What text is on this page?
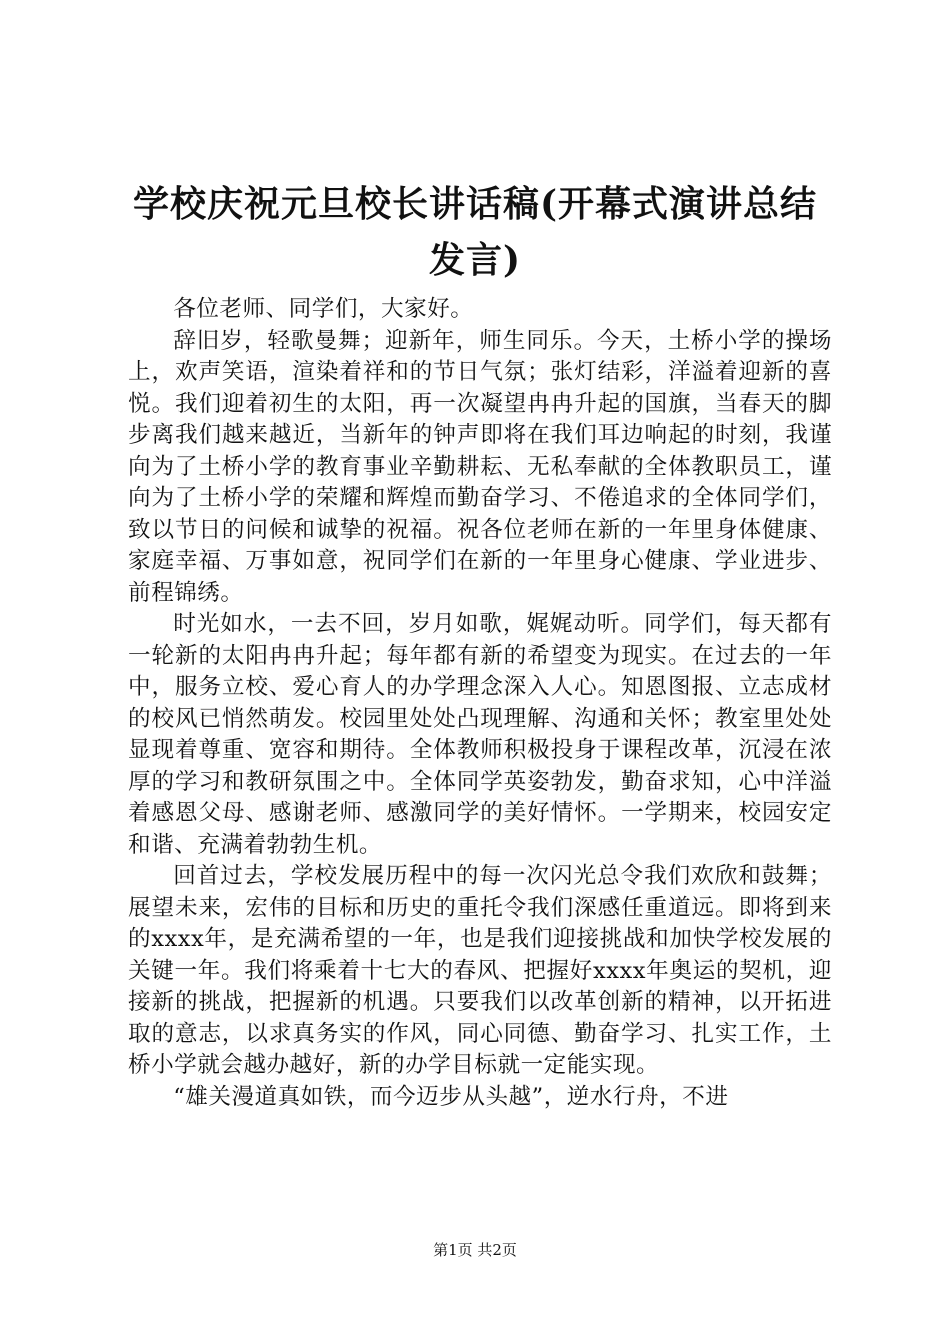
学校庆祝元旦校长讲话稿(开幕式演讲总结发言)

各位老师、同学们，大家好。

辞旧岁，轻歌曼舞；迎新年，师生同乐。今天，土桥小学的操场上，欢声笑语，渲染着祥和的节日气氛；张灯结彩，洋溢着迎新的喜悦。我们迎着初生的太阳，再一次凝望冉冉升起的国旗，当春天的脚步离我们越来越近，当新年的钟声即将在我们耳边响起的时刻，我谨向为了土桥小学的教育事业辛勤耕耘、无私奉献的全体教职员工，谨向为了土桥小学的荣耀和辉煌而勤奋学习、不倦追求的全体同学们，致以节日的问候和诚挚的祝福。祝各位老师在新的一年里身体健康、家庭幸福、万事如意，祝同学们在新的一年里身心健康、学业进步、前程锦绣。

时光如水，一去不回，岁月如歌，娓娓动听。同学们，每天都有一轮新的太阳冉冉升起；每年都有新的希望变为现实。在过去的一年中，服务立校、爱心育人的办学理念深入人心。知恩图报、立志成材的校风已悄然萌发。校园里处处凸现理解、沟通和关怀；教室里处处显现着尊重、宽容和期待。全体教师积极投身于课程改革，沉浸在浓厚的学习和教研氛围之中。全体同学英姿勃发，勤奋求知，心中洋溢着感恩父母、感谢老师、感激同学的美好情怀。一学期来，校园安定和谐、充满着勃勃生机。

回首过去，学校发展历程中的每一次闪光总令我们欢欣和鼓舞；展望未来，宏伟的目标和历史的重托令我们深感任重道远。即将到来的xxxx年，是充满希望的一年，也是我们迎接挑战和加快学校发展的关键一年。我们将乘着十七大的春风、把握好xxxx年奥运的契机，迎接新的挑战，把握新的机遇。只要我们以改革创新的精神，以开拓进取的意志，以求真务实的作风，同心同德、勤奋学习、扎实工作，土桥小学就会越办越好，新的办学目标就一定能实现。

“雄关漫道真如铁，而今迈步从头越”，逆水行舟，不进

第1页 共2页
